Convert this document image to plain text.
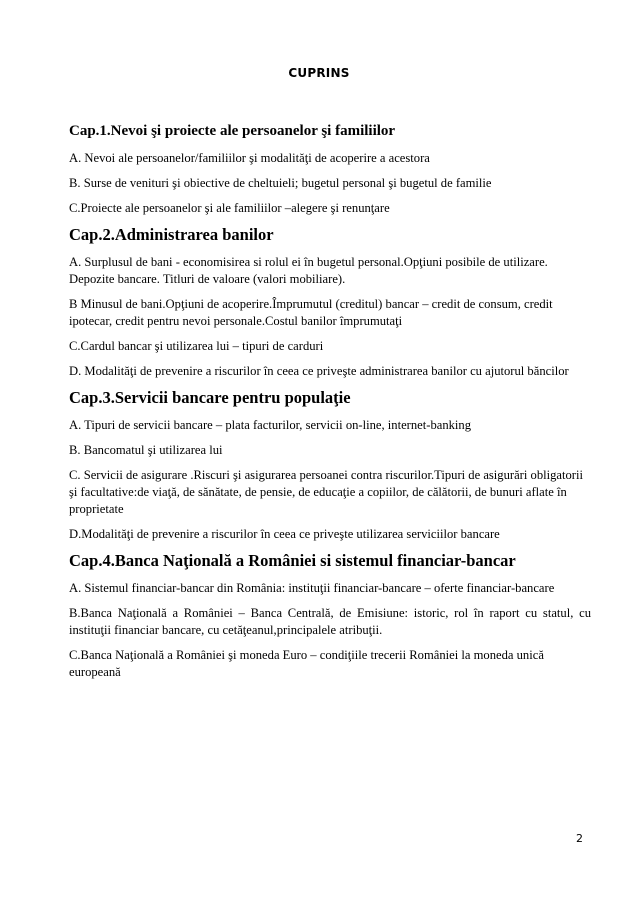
CUPRINS
Cap.1.Nevoi şi proiecte ale persoanelor şi familiilor
A. Nevoi ale persoanelor/familiilor şi modalităţi de acoperire a acestora
B. Surse de venituri şi obiective de cheltuieli; bugetul personal şi bugetul de familie
C.Proiecte ale persoanelor şi ale familiilor –alegere şi renunţare
Cap.2.Administrarea banilor
A. Surplusul de bani - economisirea si rolul ei în bugetul personal.Opţiuni posibile de utilizare. Depozite bancare. Titluri de valoare (valori mobiliare).
B Minusul de bani.Opţiuni de acoperire.Împrumutul (creditul) bancar – credit de consum, credit ipotecar, credit pentru nevoi personale.Costul banilor împrumutaţi
C.Cardul bancar şi utilizarea lui – tipuri de carduri
D. Modalităţi de prevenire a riscurilor în ceea ce priveşte administrarea banilor cu ajutorul băncilor
Cap.3.Servicii bancare pentru populaţie
A. Tipuri de servicii bancare – plata facturilor, servicii on-line, internet-banking
B. Bancomatul şi utilizarea lui
C. Servicii de asigurare .Riscuri şi asigurarea persoanei contra riscurilor.Tipuri de asigurări obligatorii şi facultative:de viaţă, de sănătate, de pensie, de educaţie a copiilor, de călătorii, de bunuri aflate în proprietate
D.Modalităţi de prevenire a riscurilor în ceea ce priveşte utilizarea serviciilor bancare
Cap.4.Banca Naţională a României si sistemul financiar-bancar
A. Sistemul financiar-bancar din România: instituţii financiar-bancare – oferte financiar-bancare
B.Banca Naţională a României – Banca Centrală, de Emisiune: istoric, rol în raport cu statul, cu instituţii financiar bancare, cu cetăţeanul,principalele atribuţii.
C.Banca Naţională a României şi moneda Euro – condiţiile trecerii României la moneda unică europeană
2
